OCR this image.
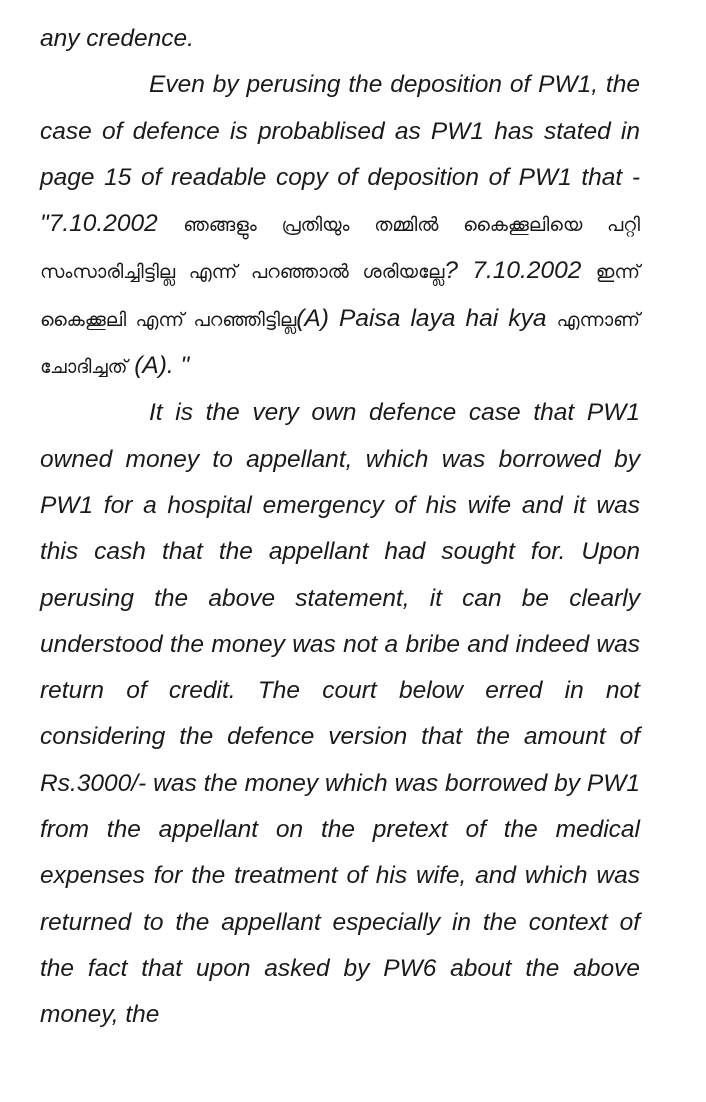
any credence.

Even by perusing the deposition of PW1, the case of defence is probablised as PW1 has stated in page 15 of readable copy of deposition of PW1 that - "7.10.2002 ഞങ്ങളും പ്രതിയും തമ്മിൽ കൈക്കൂലിയെ പറ്റി സംസാരിച്ചിട്ടില്ല എന്ന് പറഞ്ഞാൽ ശരിയല്ലേ? 7.10.2002 ഇന്ന് കൈക്കൂലി എന്ന് പറഞ്ഞിട്ടില്ല(A) Paisa laya hai kya എന്നാണ് ചോദിച്ചത് (A). "

It is the very own defence case that PW1 owned money to appellant, which was borrowed by PW1 for a hospital emergency of his wife and it was this cash that the appellant had sought for. Upon perusing the above statement, it can be clearly understood the money was not a bribe and indeed was return of credit. The court below erred in not considering the defence version that the amount of Rs.3000/- was the money which was borrowed by PW1 from the appellant on the pretext of the medical expenses for the treatment of his wife, and which was returned to the appellant especially in the context of the fact that upon asked by PW6 about the above money, the
